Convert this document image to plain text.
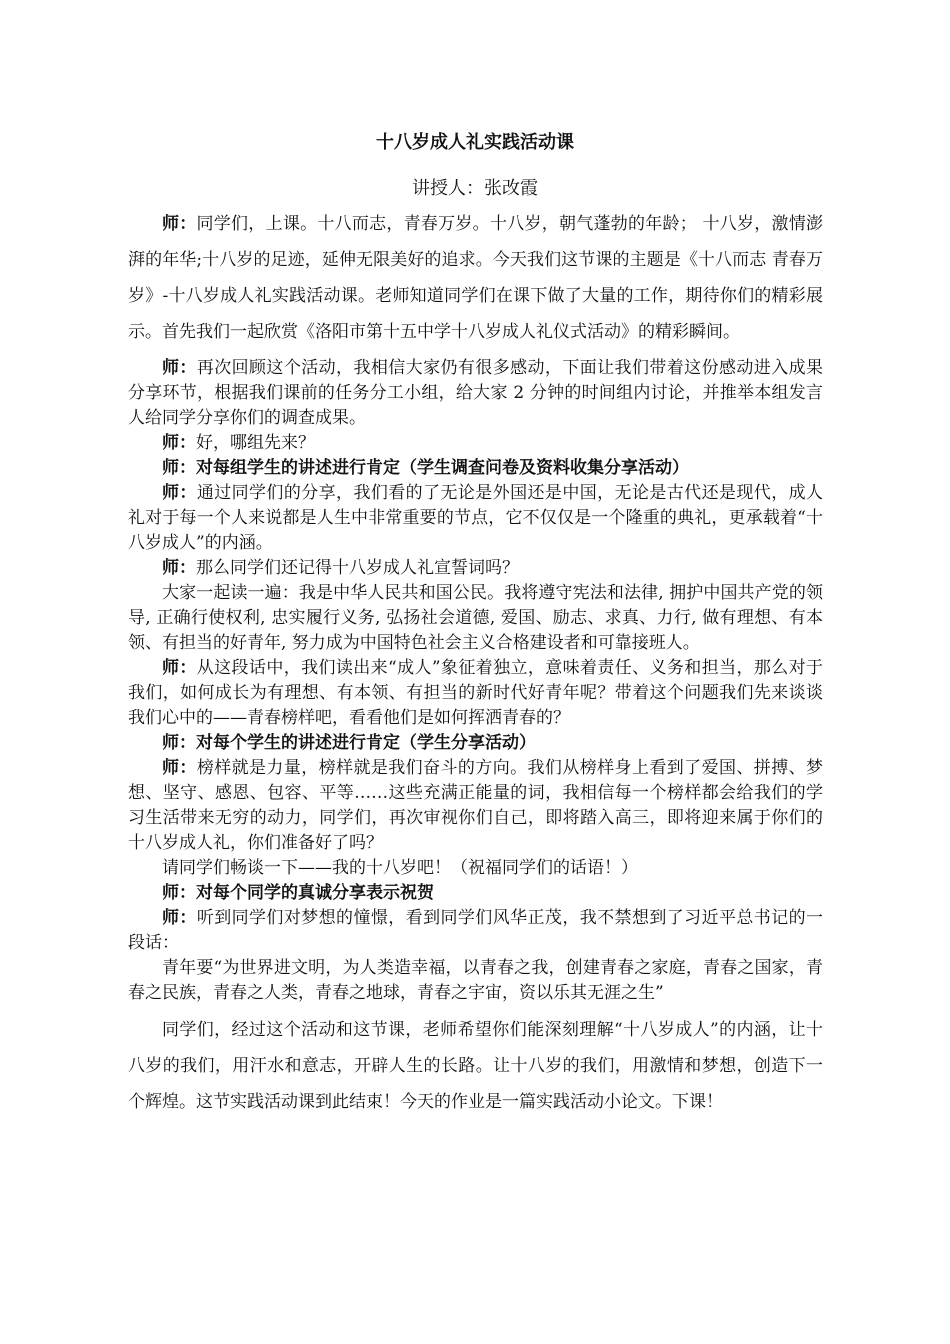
十八岁成人礼实践活动课
讲授人：张改霞

师：同学们，上课。十八而志，青春万岁。十八岁，朝气蓬勃的年龄； 十八岁，激情澎湃的年华;十八岁的足迹，延伸无限美好的追求。今天我们这节课的主题是《十八而志 青春万岁》-十八岁成人礼实践活动课。老师知道同学们在课下做了大量的工作，期待你们的精彩展示。首先我们一起欣赏《洛阳市第十五中学十八岁成人礼仪式活动》的精彩瞬间。

师：再次回顾这个活动，我相信大家仍有很多感动，下面让我们带着这份感动进入成果分享环节，根据我们课前的任务分工小组，给大家 2 分钟的时间组内讨论，并推举本组发言人给同学分享你们的调查成果。

师：好，哪组先来？

师：对每组学生的讲述进行肯定（学生调查问卷及资料收集分享活动）

师：通过同学们的分享，我们看的了无论是外国还是中国，无论是古代还是现代，成人礼对于每一个人来说都是人生中非常重要的节点，它不仅仅是一个隆重的典礼，更承载着“十八岁成人”的内涵。

师：那么同学们还记得十八岁成人礼宣誓词吗？

大家一起读一遍：我是中华人民共和国公民。我将遵守宪法和法律, 拥护中国共产党的领导, 正确行使权利, 忠实履行义务, 弘扬社会道德, 爱国、励志、求真、力行, 做有理想、有本领、有担当的好青年, 努力成为中国特色社会主义合格建设者和可靠接班人。

师：从这段话中，我们读出来“成人”象征着独立，意味着责任、义务和担当，那么对于我们，如何成长为有理想、有本领、有担当的新时代好青年呢？带着这个问题我们先来谈谈我们心中的——青春榜样吧，看看他们是如何挥洒青春的？

师：对每个学生的讲述进行肯定（学生分享活动）

师：榜样就是力量，榜样就是我们奋斗的方向。我们从榜样身上看到了爱国、拼搏、梦想、坚守、感恩、包容、平等……这些充满正能量的词，我相信每一个榜样都会给我们的学习生活带来无穷的动力，同学们，再次审视你们自己，即将踏入高三，即将迎来属于你们的十八岁成人礼，你们准备好了吗？

请同学们畅谈一下——我的十八岁吧！（祝福同学们的话语！）

师：对每个同学的真诚分享表示祝贺

师：听到同学们对梦想的憧憬，看到同学们风华正茂，我不禁想到了习近平总书记的一段话：

青年要“为世界进文明，为人类造幸福，以青春之我，创建青春之家庭，青春之国家，青春之民族，青春之人类，青春之地球，青春之宇宙，资以乐其无涯之生”

同学们，经过这个活动和这节课，老师希望你们能深刻理解“十八岁成人”的内涵，让十八岁的我们，用汗水和意志，开辟人生的长路。让十八岁的我们，用激情和梦想，创造下一个辉煌。这节实践活动课到此结束！今天的作业是一篇实践活动小论文。下课！
